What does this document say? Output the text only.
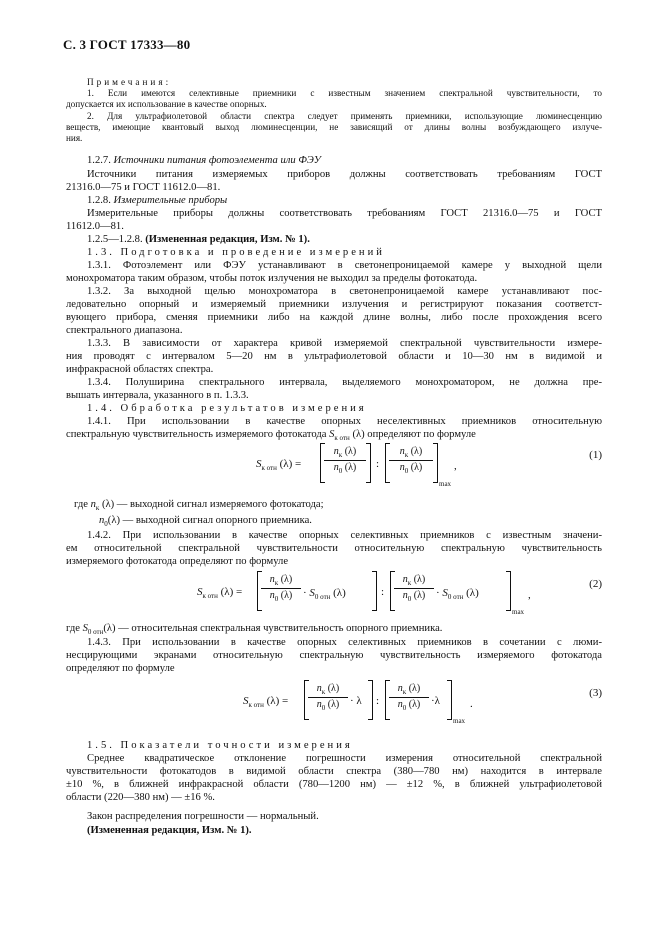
С. 3 ГОСТ 17333—80
Примечания:
1. Если имеются селективные приемники с известным значением спектральной чувствительности, то
допускается их использование в качестве опорных.
2. Для ультрафиолетовой области спектра следует применять приемники, использующие люминесценцию
веществ, имеющие квантовый выход люминесценции, не зависящий от длины волны возбуждающего излуче-
ния.
1.2.7. Источники питания фотоэлемента или ФЭУ
Источники питания измеряемых приборов должны соответствовать требованиям ГОСТ
21316.0—75 и ГОСТ 11612.0—81.
1.2.8. Измерительные приборы
Измерительные приборы должны соответствовать требованиям ГОСТ 21316.0—75 и ГОСТ
11612.0—81.
1.2.5—1.2.8. (Измененная редакция, Изм. № 1).
1.3. Подготовка и проведение измерений
1.3.1. Фотоэлемент или ФЭУ устанавливают в светонепроницаемой камере у выходной щели
монохроматора таким образом, чтобы поток излучения не выходил за пределы фотокатода.
1.3.2. За выходной щелью монохроматора в светонепроницаемой камере устанавливают пос-
ледовательно опорный и измеряемый приемники излучения и регистрируют показания соответст-
вующего прибора, сменяя приемники либо на каждой длине волны, либо после прохождения всего
спектрального диапазона.
1.3.3. В зависимости от характера кривой измеряемой спектральной чувствительности измере-
ния проводят с интервалом 5—20 нм в ультрафиолетовой области и 10—30 нм в видимой и
инфракрасной областях спектра.
1.3.4. Полуширина спектрального интервала, выделяемого монохроматором, не должна пре-
вышать интервала, указанного в п. 1.3.3.
1.4. Обработка результатов измерения
1.4.1. При использовании в качестве опорных неселективных приемников относительную
спектральную чувствительность измеряемого фотокатода $S_{к отн}$ (λ) определяют по формуле
$S_{к отн}$ (λ) =
$n_к$ (λ)
$n_0$ (λ)	:
$n_к$ (λ)
$n_0$ (λ)
max
,
(1)
где $n_к$ (λ) — выходной сигнал измеряемого фотокатода;
$n_0(\lambda)$ — выходной сигнал опорного приемника.
1.4.2. При использовании в качестве опорных селективных приемников с известным значени-
ем относительной спектральной чувствительности относительную спектральную чувствительность
измеряемого фотокатода определяют по формуле
$S_{к отн}$ (λ) =
$n_к$ (λ)
$n_0$ $(\lambda) \cdot S_{0 отн}$ (λ)	:
$n_к$ (λ)
$n_0$ $(\lambda) \cdot S_{0 отн}$ (λ)
max
,
(2)
где $S_{0 отн}(\lambda)$ — относительная спектральная чувствительность опорного приемника.
1.4.3. При использовании в качестве опорных селективных приемников в сочетании с люми-
несцирующими экранами относительную спектральную чувствительность измеряемого фотокатода
определяют по формуле
$S_{к отн}$ (λ) =
$n_к$ (λ)
$n_0$ (λ) · λ :
$n_к$ (λ)
$n_0$ (λ) ·λ
max
.
(3)
1.5. Показатели точности измерения
Среднее квадратическое отклонение погрешности измерения относительной спектральной
чувствительности фотокатодов в видимой области спектра (380—780 нм) находится в интервале
±10 %, в ближней инфракрасной области (780—1200 нм) — ±12 %, в ближней ультрафиолетовой
области (220—380 нм) — ±16 %.
Закон распределения погрешности — нормальный.
(Измененная редакция, Изм. № 1).
